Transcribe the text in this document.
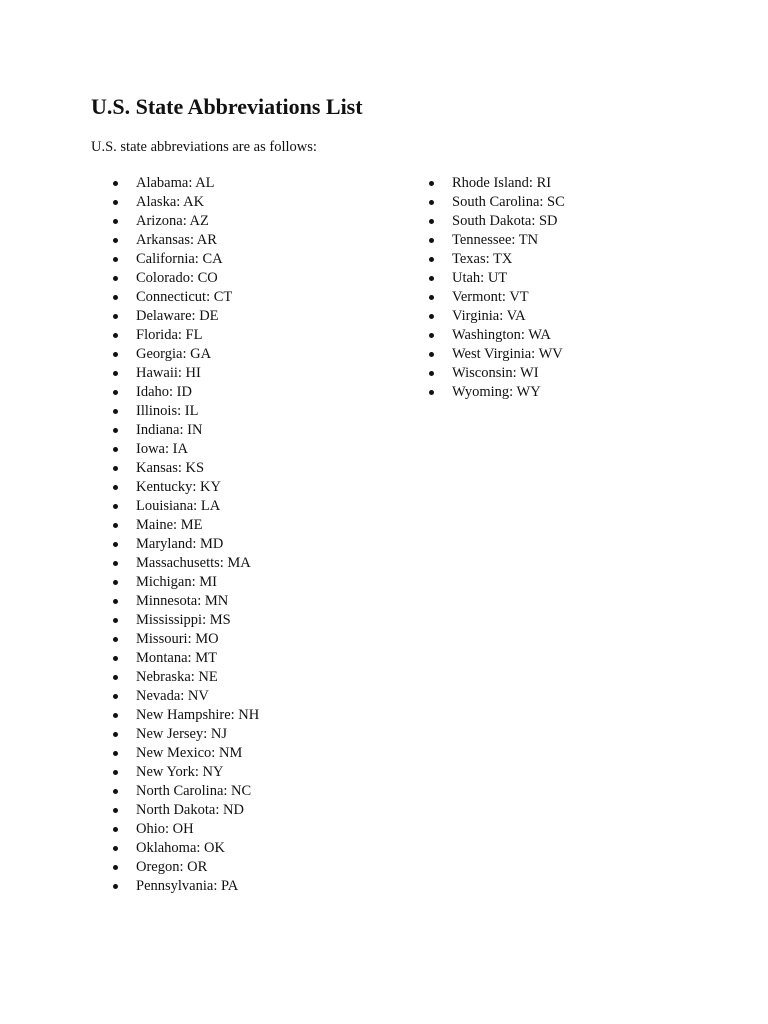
U.S. State Abbreviations List

U.S. state abbreviations are as follows:

Alabama: AL
Alaska: AK
Arizona: AZ
Arkansas: AR
California: CA
Colorado: CO
Connecticut: CT
Delaware: DE
Florida: FL
Georgia: GA
Hawaii: HI
Idaho: ID
Illinois: IL
Indiana: IN
Iowa: IA
Kansas: KS
Kentucky: KY
Louisiana: LA
Maine: ME
Maryland: MD
Massachusetts: MA
Michigan: MI
Minnesota: MN
Mississippi: MS
Missouri: MO
Montana: MT
Nebraska: NE
Nevada: NV
New Hampshire: NH
New Jersey: NJ
New Mexico: NM
New York: NY
North Carolina: NC
North Dakota: ND
Ohio: OH
Oklahoma: OK
Oregon: OR
Pennsylvania: PA
Rhode Island: RI
South Carolina: SC
South Dakota: SD
Tennessee: TN
Texas: TX
Utah: UT
Vermont: VT
Virginia: VA
Washington: WA
West Virginia: WV
Wisconsin: WI
Wyoming: WY
